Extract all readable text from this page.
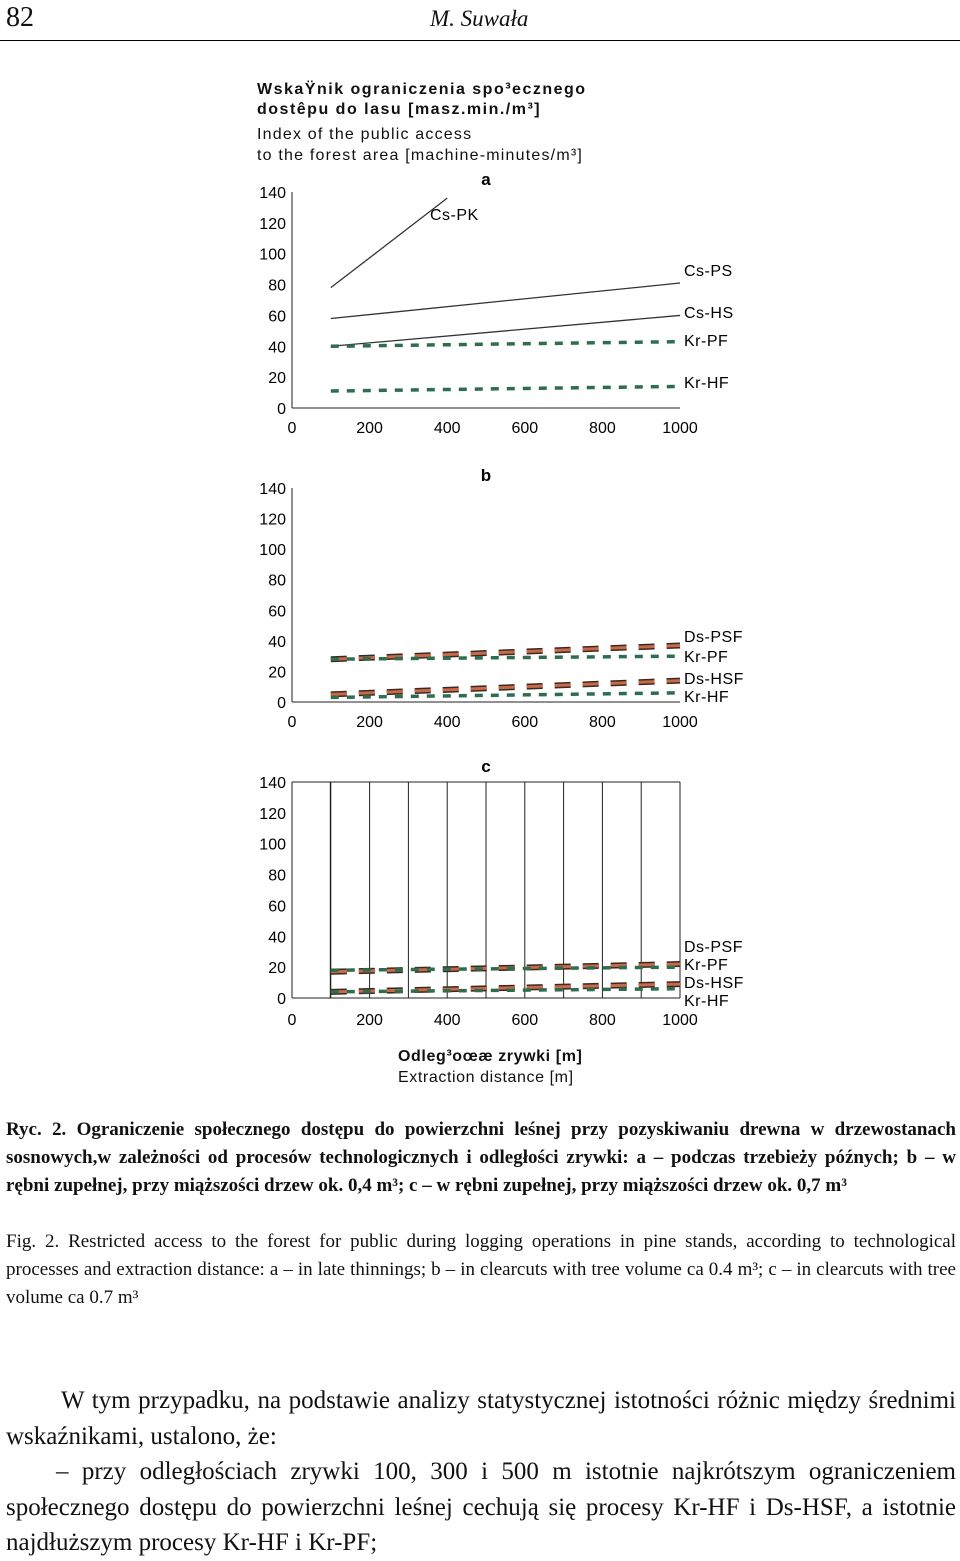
82	M. Suwała
WskaŸnik ograniczenia spo³ecznego
dostêpu do lasu [masz.min./m³]
Index of the public access
to the forest area [machine-minutes/m³]
a
0
20
40
60
80
100
120
140
0	200	400	600	800	1000
Cs-PK
Cs-PS
Cs-HS
Kr-PF
Kr-HF
b
0
20
40
60
80
100
120
140
0	200	400	600	800	1000
Ds-PSF
Kr-PF
Ds-HSF
Kr-HF
c
0
20
40
60
80
100
120
140
0	200	400	600	800	1000
Ds-PSF
Kr-PF
Ds-HSF
Kr-HF
Odleg³oœæ zrywki [m]
Extraction distance [m]
Ryc. 2. Ograniczenie społecznego dostępu do powierzchni leśnej przy pozyskiwaniu drewna w drzewostanach sosnowych,w zależności od procesów technologicznych i odległości zrywki: a – podczas trzebieży późnych; b – w rębni zupełnej, przy miąższości drzew ok. 0,4 m³; c – w rębni zupełnej, przy miąższości drzew ok. 0,7 m³
Fig. 2. Restricted access to the forest for public during logging operations in pine stands, according to technological processes and extraction distance: a – in late thinnings; b – in clearcuts with tree volume ca 0.4 m³; c – in clearcuts with tree volume ca 0.7 m³

W tym przypadku, na podstawie analizy statystycznej istotności różnic między średnimi wskaźnikami, ustalono, że:

– przy odległościach zrywki 100, 300 i 500 m istotnie najkrótszym ograniczeniem społecznego dostępu do powierzchni leśnej cechują się procesy Kr-HF i Ds-HSF, a istotnie najdłuższym procesy Kr-HF i Kr-PF;
